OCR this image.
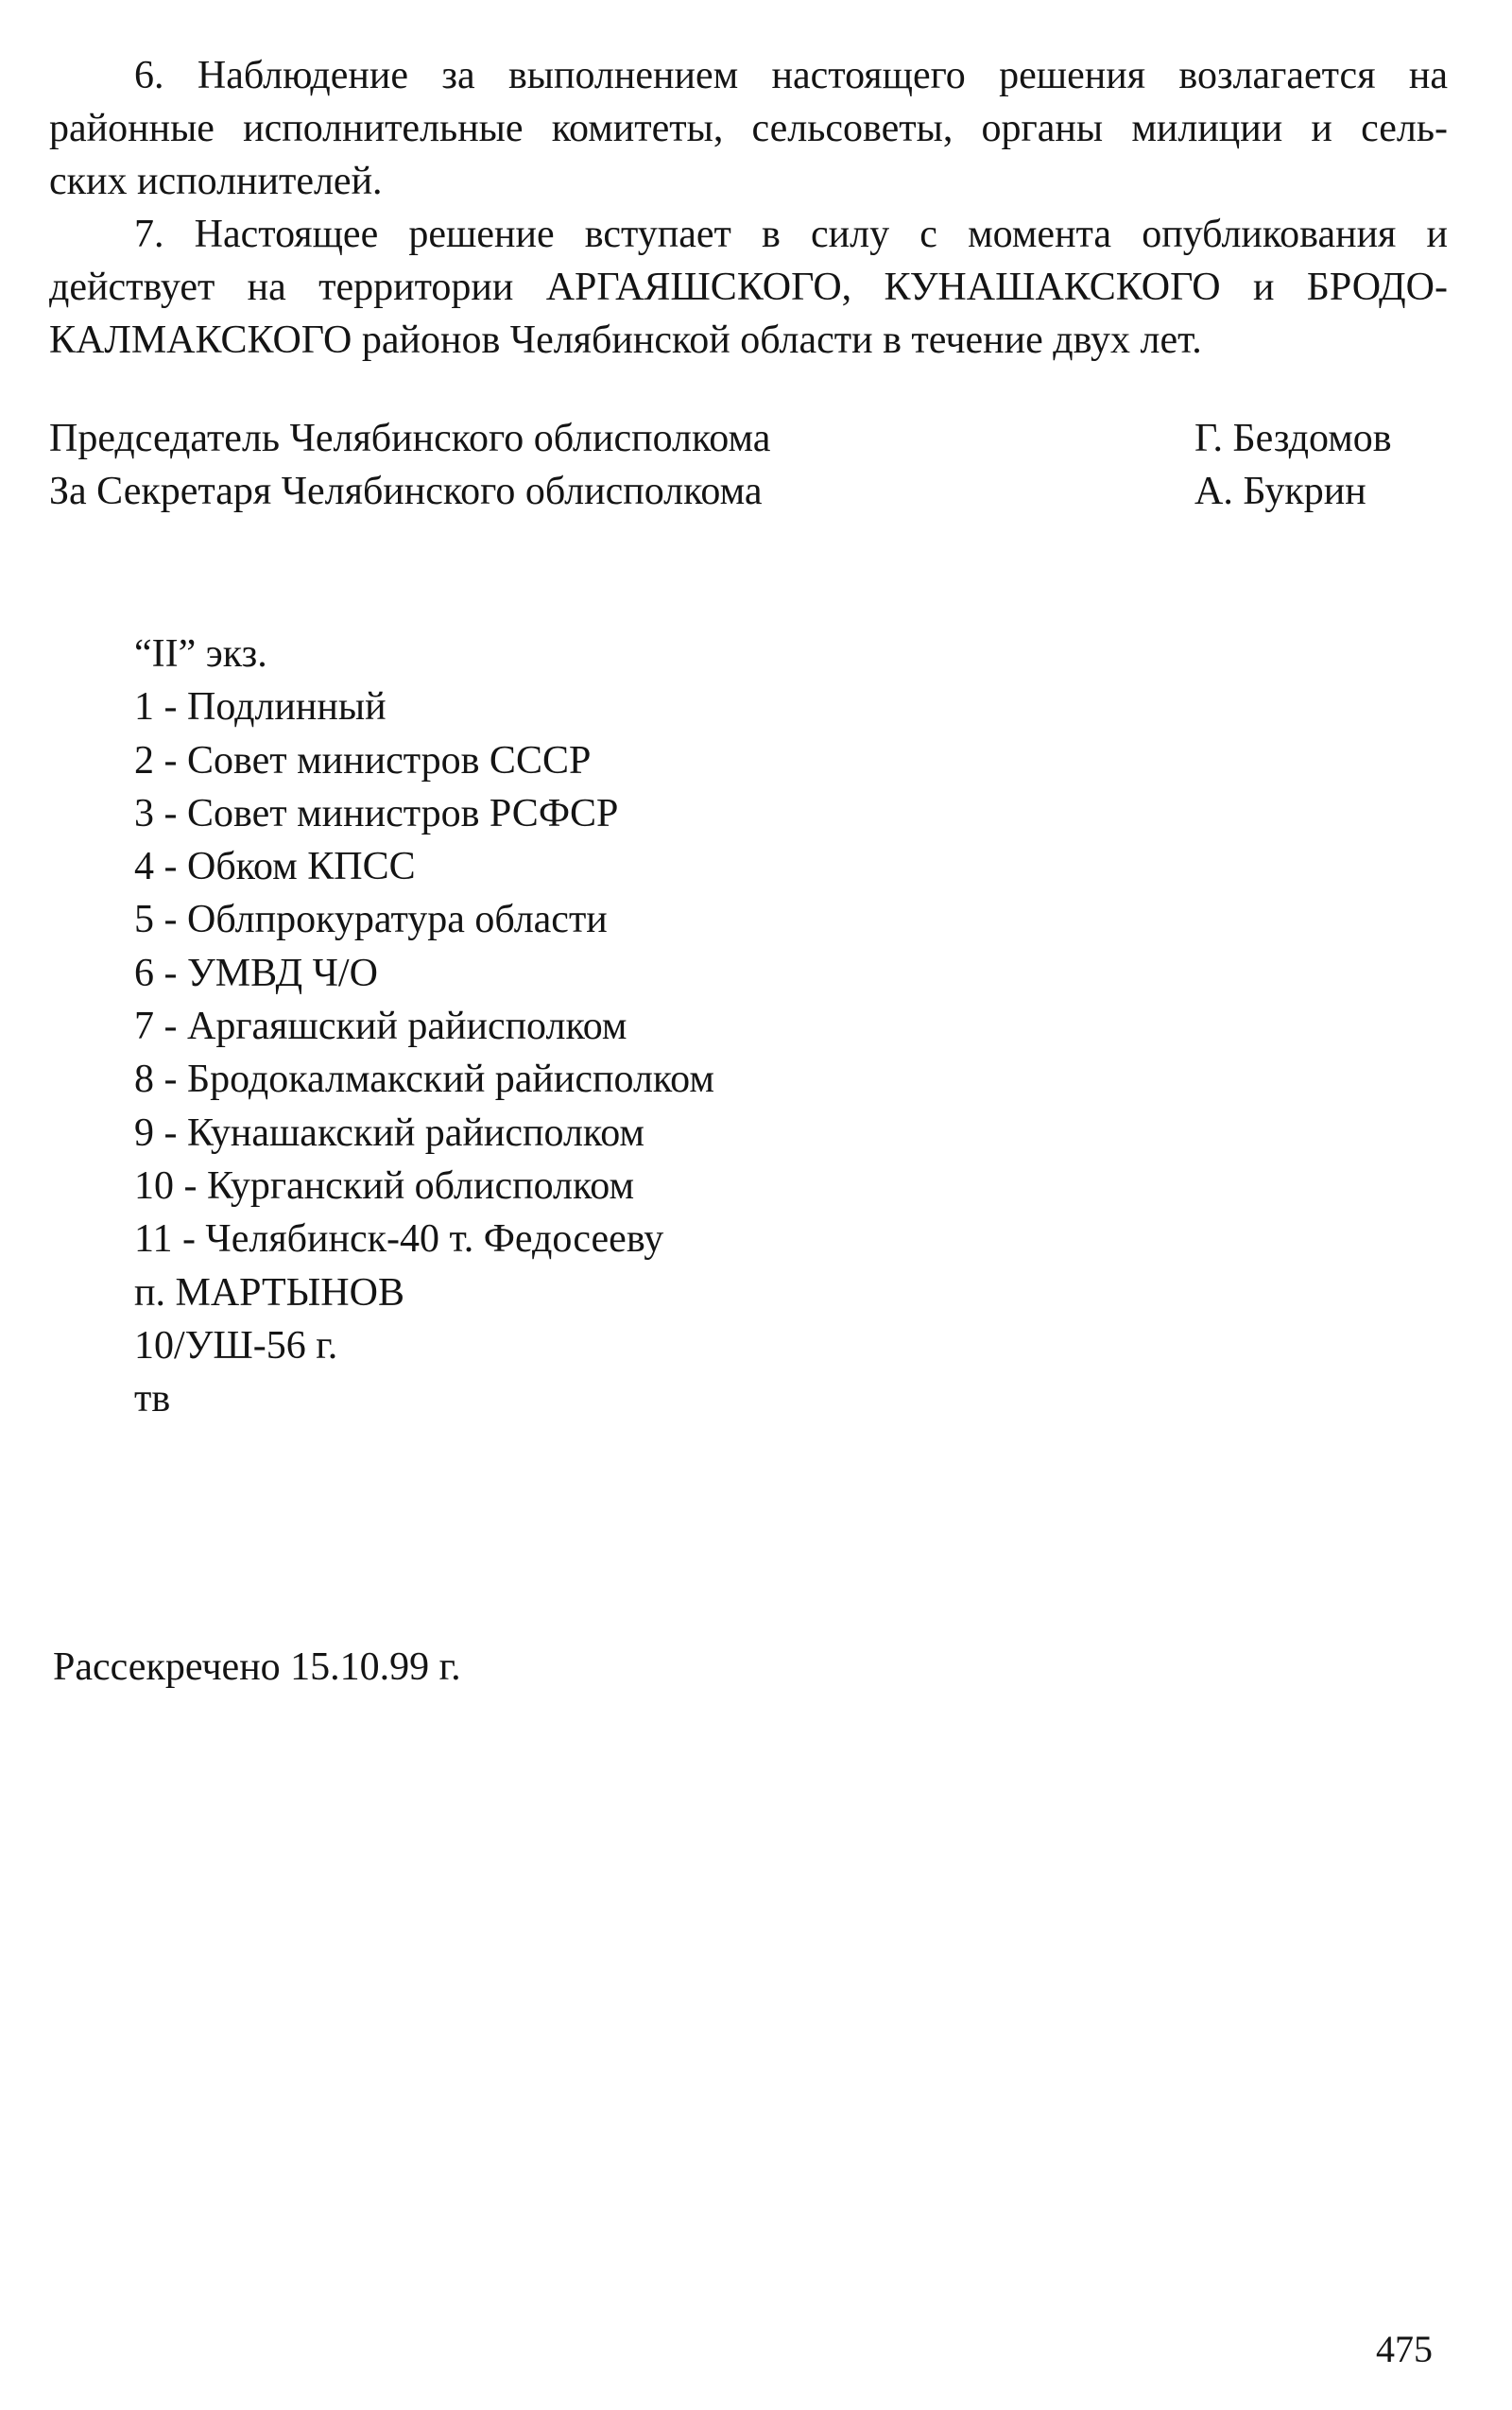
6. Наблюдение за выполнением настоящего решения возлагается на
районные исполнительные комитеты, сельсоветы, органы милиции и сель-
ских исполнителей.
7. Настоящее решение вступает в силу с момента опубликования и
действует на территории АРГАЯШСКОГО, КУНАШАКСКОГО и БРОДО-
КАЛМАКСКОГО районов Челябинской области в течение двух лет.
Председатель Челябинского облисполкома	Г. Бездомов
За Секретаря Челябинского облисполкома	А. Букрин
“II” экз.
1 - Подлинный
2 - Совет министров СССР
3 - Совет министров РСФСР
4 - Обком КПСС
5 - Облпрокуратура области
6 - УМВД Ч/О
7 - Аргаяшский райисполком
8 - Бродокалмакский райисполком
9 - Кунашакский райисполком
10 - Курганский облисполком
11 - Челябинск-40 т. Федосееву
п. МАРТЫНОВ
10/УШ-56 г.
тв
Рассекречено 15.10.99 г.
475
